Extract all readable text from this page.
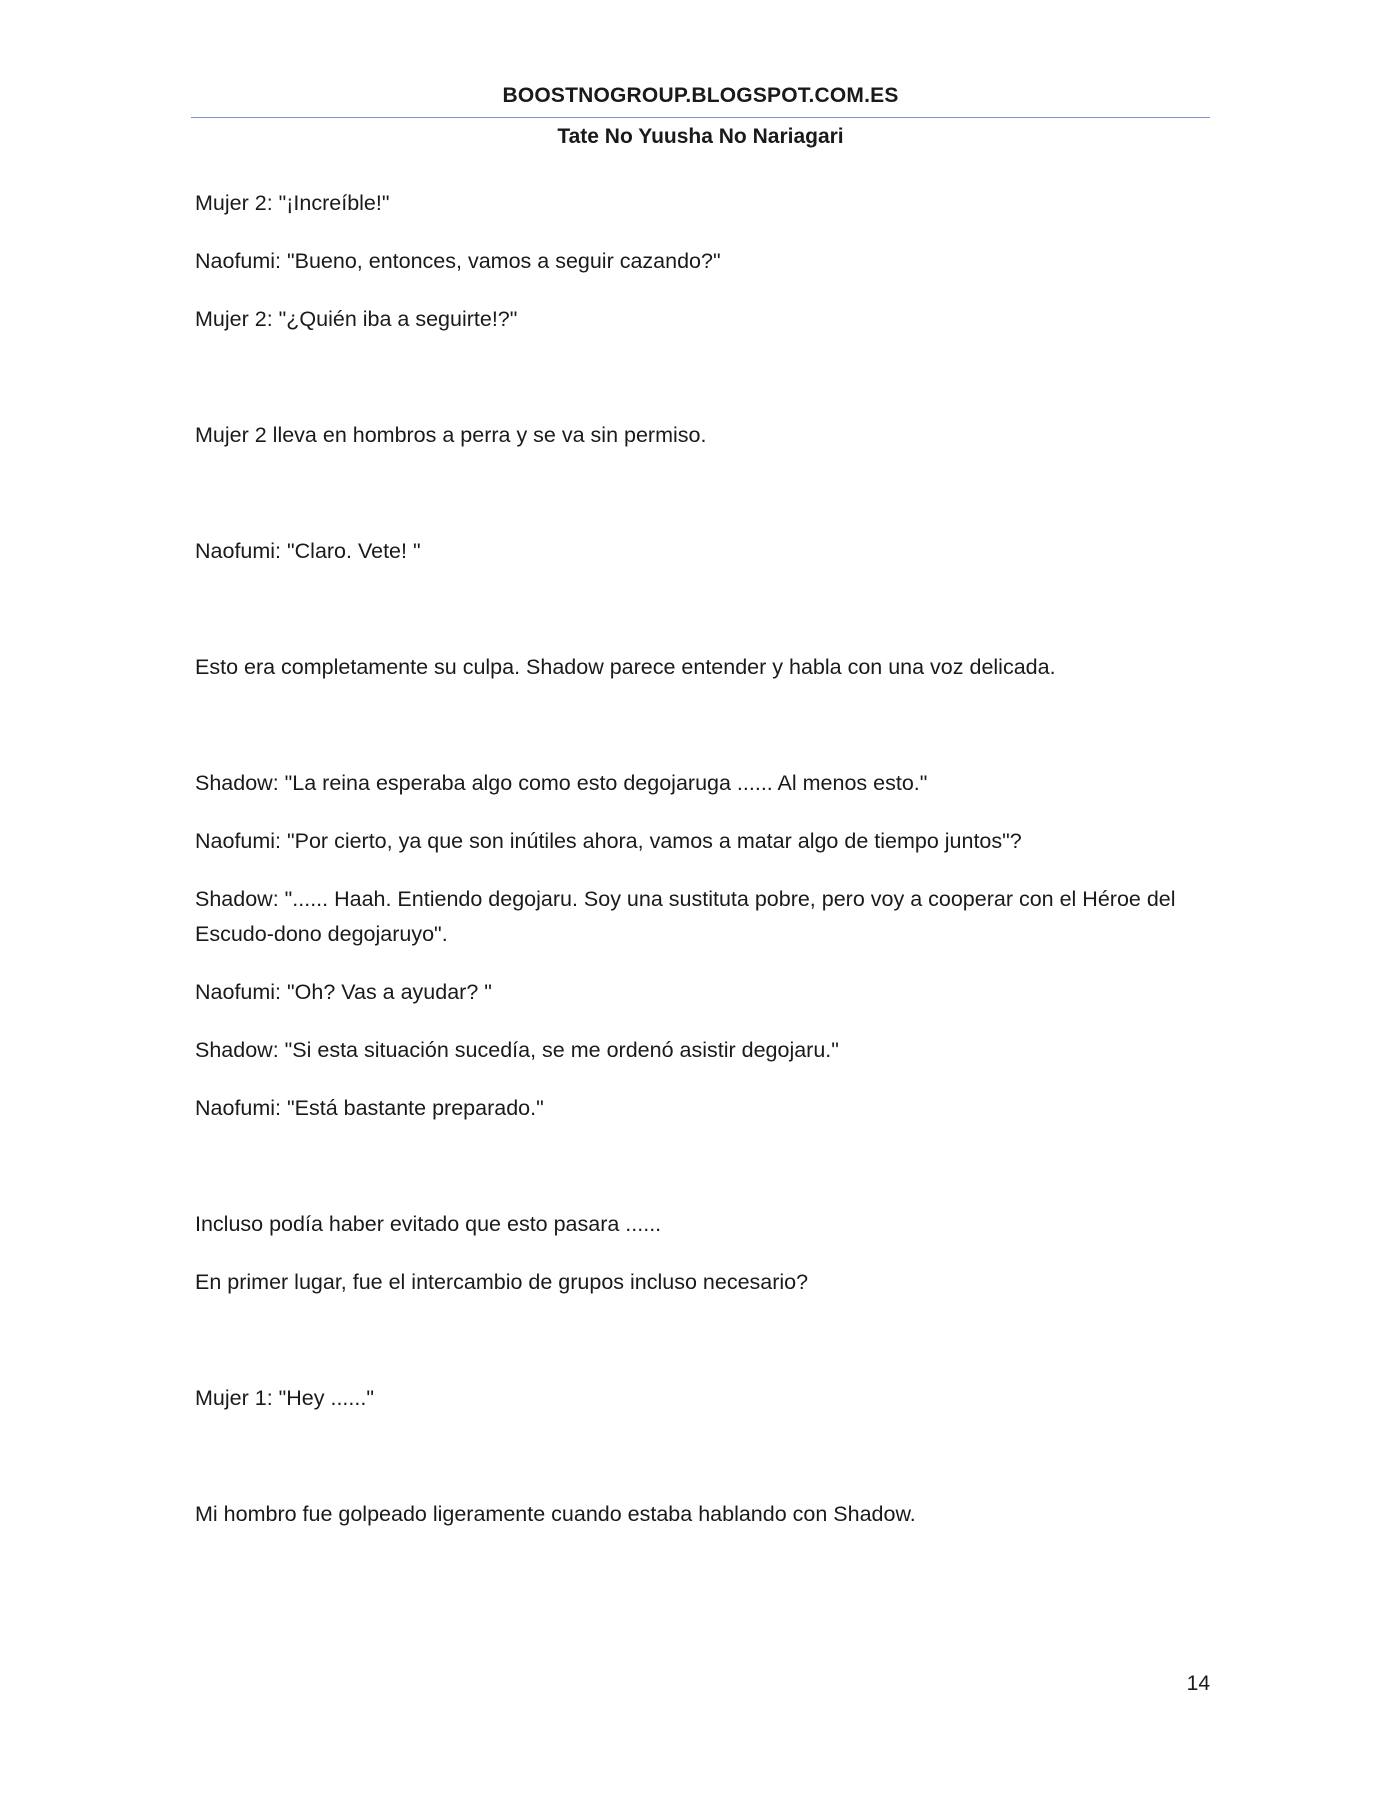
BOOSTNOGROUP.BLOGSPOT.COM.ES
Tate No Yuusha No Nariagari

Mujer 2: "¡Increíble!"

Naofumi: "Bueno, entonces, vamos a seguir cazando?"

Mujer 2: "¿Quién iba a seguirte!?"

Mujer 2 lleva en hombros a perra y se va sin permiso.

Naofumi: "Claro. Vete! "

Esto era completamente su culpa. Shadow parece entender y habla con una voz delicada.

Shadow: "La reina esperaba algo como esto degojaruga ...... Al menos esto."

Naofumi: "Por cierto, ya que son inútiles ahora, vamos a matar algo de tiempo juntos"?

Shadow: "...... Haah. Entiendo degojaru. Soy una sustituta pobre, pero voy a cooperar con el Héroe del Escudo-dono degojaruyo".

Naofumi: "Oh? Vas a ayudar? "

Shadow: "Si esta situación sucedía, se me ordenó asistir degojaru."

Naofumi: "Está bastante preparado."

Incluso podía haber evitado que esto pasara ......

En primer lugar, fue el intercambio de grupos incluso necesario?

Mujer 1: "Hey ......"

Mi hombro fue golpeado ligeramente cuando estaba hablando con Shadow.

14
